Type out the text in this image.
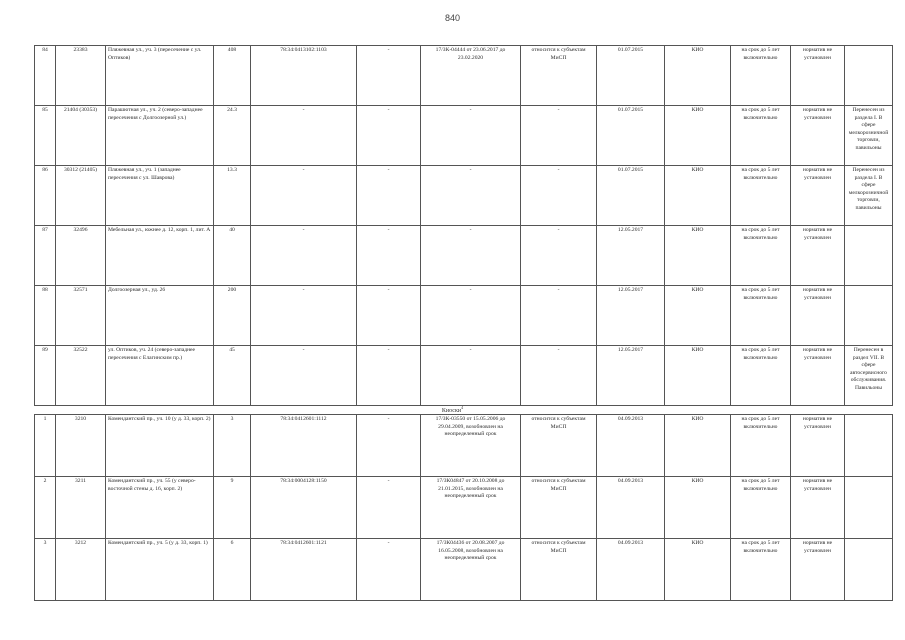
840
84	23383	Пляжевная ул., уч. 3 (пересечение с ул. Оптиков)	408	78:34:0413102:1103	-	17/ЗК-04444 от 23.06.2017 до 23.02.2020	относится к субъектам МиСП	01.07.2015	КИО	на срок до 5 лет включительно	норматив не установлен	
85	21404 (30353)	Парашютная ул., уч. 2 (северо-западнее пересечения с Долгоозерной ул.)	24.3	-	-	-	-	01.07.2015	КИО	на срок до 5 лет включительно	норматив не установлен	Перенесен из раздела I. В сфере мелкорозничной торговли, павильоны
86	30312 (21405)	Пляжевная ул., уч. 1 (западнее пересечения с ул. Шаврова)	13.3	-	-	-	-	01.07.2015	КИО	на срок до 5 лет включительно	норматив не установлен	Перенесен из раздела I. В сфере мелкорозничной торговли, павильоны
87	32496	Мебельная ул., южнее д. 12, корп. 1, лит. А	40	-	-	-	-	12.05.2017	КИО	на срок до 5 лет включительно	норматив не установлен	
88	32571	Долгоозерная ул., уд. 26	200	-	-	-	-	12.05.2017	КИО	на срок до 5 лет включительно	норматив не установлен	
89	32522	ул. Оптиков, уч. 24 (северо-западнее пересечения с Елагинским пр.)	45	-	-	-	-	12.05.2017	КИО	на срок до 5 лет включительно	норматив не установлен	Перенесен в раздел VII. В сфере автосервисного обслуживания. Павильоны
Киоски$^4$
1	3210	Комендантский пр., уч. 10 (у д. 33, корп. 2)	3	78:34:0412601:1112	-	17/ЗК-03550 от 15.05.2006 до 29.04.2009, возобновлен на неопределенный срок	относится к субъектам МиСП	04.09.2013	КИО	на срок до 5 лет включительно	норматив не установлен	
2	3211	Комендантский пр., уч. 55 (у северо-восточной стены д. 16, корп. 2)	9	78:34:0004128:1150	-	17/ЗК04847 от 20.10.2008 до 21.01.2015, возобновлен на неопределенный срок	относится к субъектам МиСП	04.09.2013	КИО	на срок до 5 лет включительно	норматив не установлен	
3	3212	Комендантский пр., уч. 5 (у д. 33, корп. 1)	6	78:34:0412601:1121	-	17/ЗК04436 от 20.08.2007 до 16.05.2008, возобновлен на неопределенный срок	относится к субъектам МиСП	04.09.2013	КИО	на срок до 5 лет включительно	норматив не установлен	
